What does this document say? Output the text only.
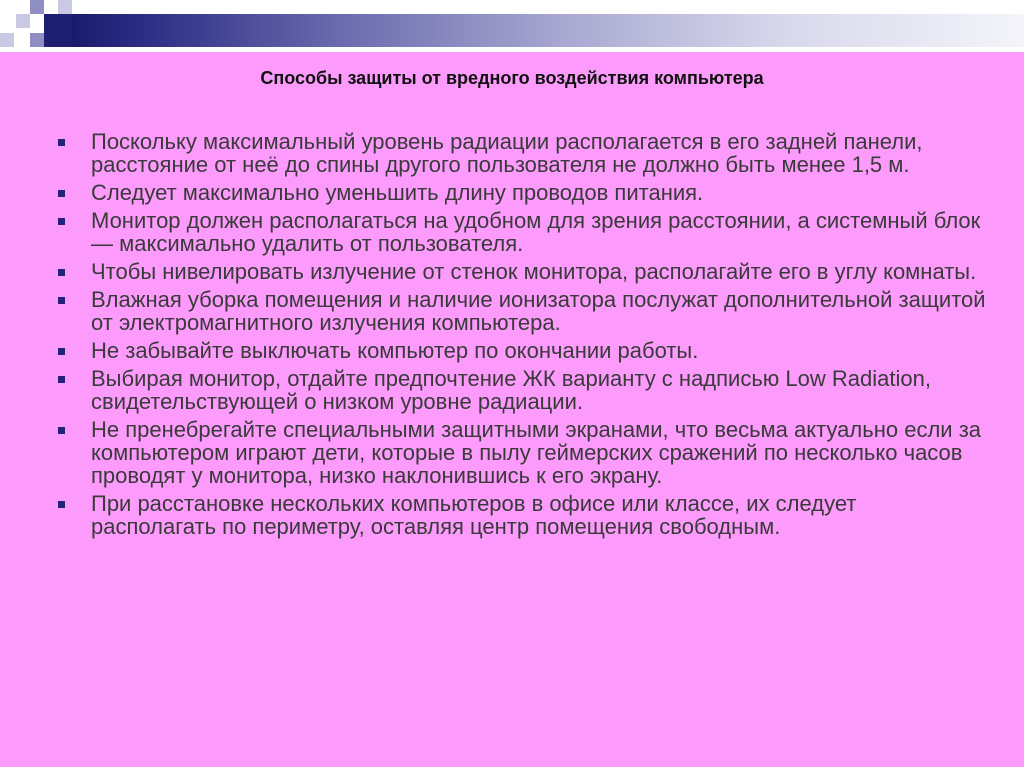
Способы защиты от вредного воздействия компьютера
Поскольку максимальный уровень радиации располагается в его задней панели, расстояние от неё до спины другого пользователя не должно быть менее 1,5 м.
Следует максимально уменьшить длину проводов питания.
Монитор должен располагаться на удобном для зрения расстоянии, а системный блок — максимально удалить от пользователя.
Чтобы нивелировать излучение от стенок монитора, располагайте его в углу комнаты.
Влажная уборка помещения и наличие ионизатора послужат дополнительной защитой от электромагнитного излучения компьютера.
Не забывайте выключать компьютер по окончании работы.
Выбирая монитор, отдайте предпочтение ЖК варианту с надписью Low Radiation, свидетельствующей о низком уровне радиации.
Не пренебрегайте специальными защитными экранами, что весьма актуально если за компьютером играют дети, которые в пылу геймерских сражений по несколько часов проводят у монитора, низко наклонившись к его экрану.
При расстановке нескольких компьютеров в офисе или классе, их следует располагать по периметру, оставляя центр помещения свободным.
